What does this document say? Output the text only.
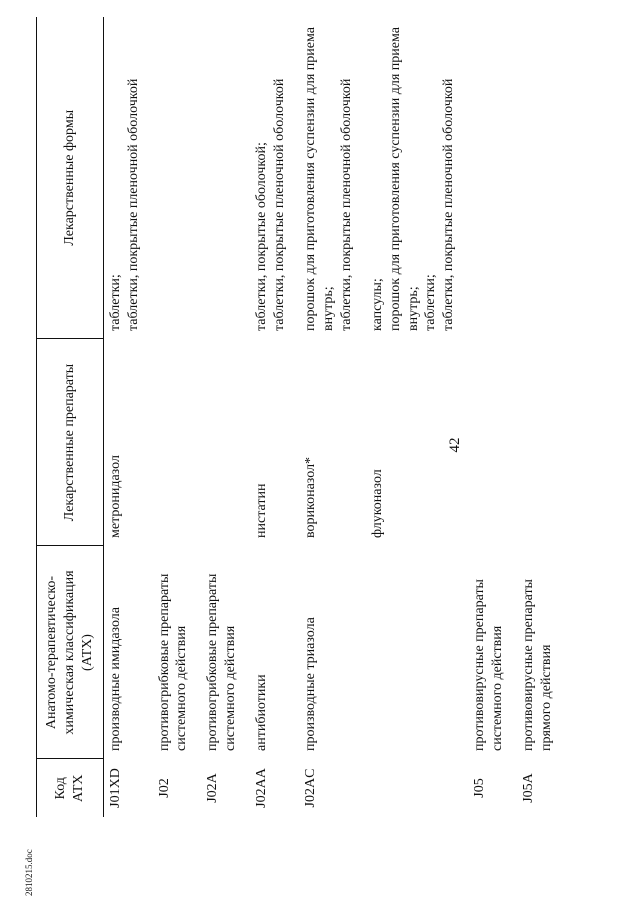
42
2810215.doc
Код АТХ	Анатомо-терапевтическо-химическая классификация (АТХ)	Лекарственные препараты	Лекарственные формы
J01XD	производные имидазола	метронидазол	таблетки; таблетки, покрытые пленочной оболочкой

J02	противогрибковые препараты системного действия		
J02A	противогрибковые препараты системного действия		
J02AA	антибиотики	нистатин	таблетки, покрытые оболочкой; таблетки, покрытые пленочной оболочкой

J02AC	производные триазола	вориконазол*	порошок для приготовления суспензии для приема внутрь; таблетки, покрытые пленочной оболочкой

		флуконазол	капсулы; порошок для приготовления суспензии для приема внутрь; таблетки; таблетки, покрытые пленочной оболочкой

J05	противовирусные препараты системного действия		
J05A	противовирусные препараты прямого действия		
